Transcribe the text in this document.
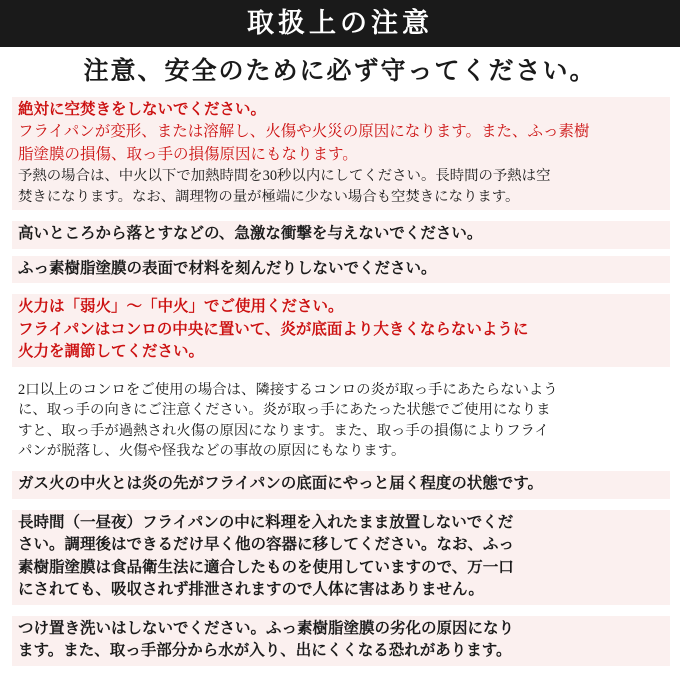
取扱上の注意
注意、安全のために必ず守ってください。

絶対に空焚きをしないでください。

フライパンが変形、または溶解し、火傷や火災の原因になります。また、ふっ素樹

脂塗膜の損傷、取っ手の損傷原因にもなります。

予熱の場合は、中火以下で加熱時間を30秒以内にしてください。長時間の予熱は空

焚きになります。なお、調理物の量が極端に少ない場合も空焚きになります。

高いところから落とすなどの、急激な衝撃を与えないでください。

ふっ素樹脂塗膜の表面で材料を刻んだりしないでください。

火力は「弱火」〜「中火」でご使用ください。

フライパンはコンロの中央に置いて、炎が底面より大きくならないように

火力を調節してください。

2口以上のコンロをご使用の場合は、隣接するコンロの炎が取っ手にあたらないよう

に、取っ手の向きにご注意ください。炎が取っ手にあたった状態でご使用になりま

すと、取っ手が過熱され火傷の原因になります。また、取っ手の損傷によりフライ

パンが脱落し、火傷や怪我などの事故の原因にもなります。

ガス火の中火とは炎の先がフライパンの底面にやっと届く程度の状態です。

長時間（一昼夜）フライパンの中に料理を入れたまま放置しないでくだ

さい。調理後はできるだけ早く他の容器に移してください。なお、ふっ

素樹脂塗膜は食品衛生法に適合したものを使用していますので、万一口

にされても、吸収されず排泄されますので人体に害はありません。

つけ置き洗いはしないでください。ふっ素樹脂塗膜の劣化の原因になり

ます。また、取っ手部分から水が入り、出にくくなる恐れがあります。
